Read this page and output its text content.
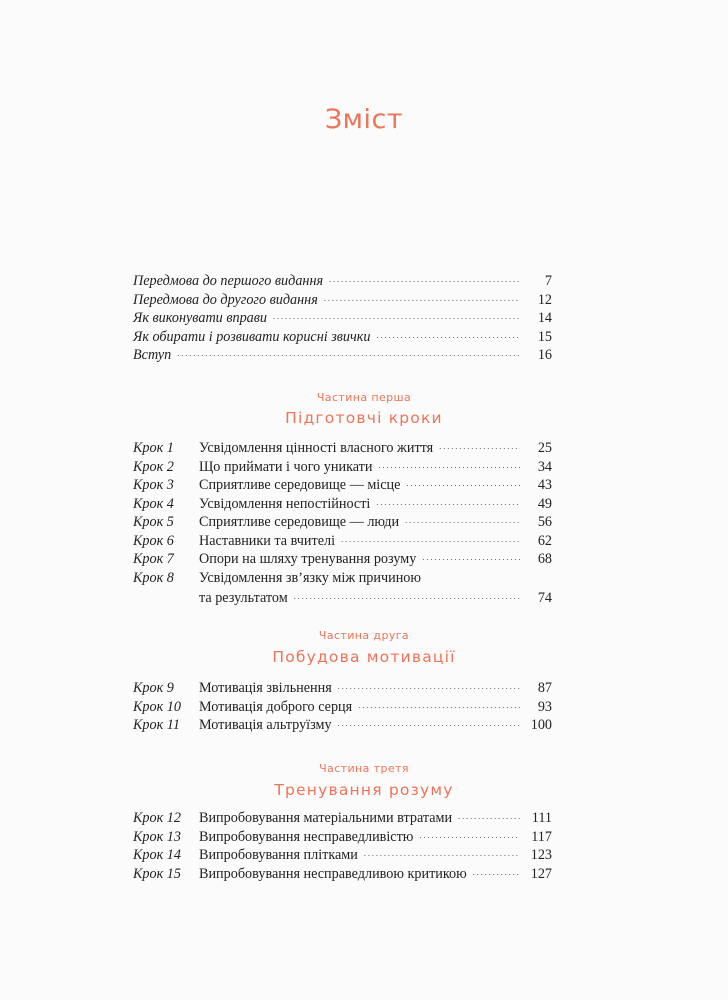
Зміст
Передмова до першого видання . . .	7
Передмова до другого видання . . .	12
Як виконувати вправи . . .	14
Як обирати і розвивати корисні звички . . .	15
Вступ . . .	16
Частина перша
Підготовчі кроки
Крок 1	Усвідомлення цінності власного життя . . .	25
Крок 2	Що приймати і чого уникати . . .	34
Крок 3	Сприятливе середовище — місце . . .	43
Крок 4	Усвідомлення непостійності . . .	49
Крок 5	Сприятливе середовище — люди . . .	56
Крок 6	Наставники та вчителі . . .	62
Крок 7	Опори на шляху тренування розуму . . .	68
Крок 8	Усвідомлення зв’язку між причиною
та результатом . . .	74
Частина друга
Побудова мотивації
Крок 9	Мотивація звільнення . . .	87
Крок 10	Мотивація доброго серця . . .	93
Крок 11	Мотивація альтруїзму . . .	100
Частина третя
Тренування розуму
Крок 12	Випробовування матеріальними втратами . . .	111
Крок 13	Випробовування несправедливістю . . .	117
Крок 14	Випробовування плітками . . .	123
Крок 15	Випробовування несправедливою критикою . . .	127
